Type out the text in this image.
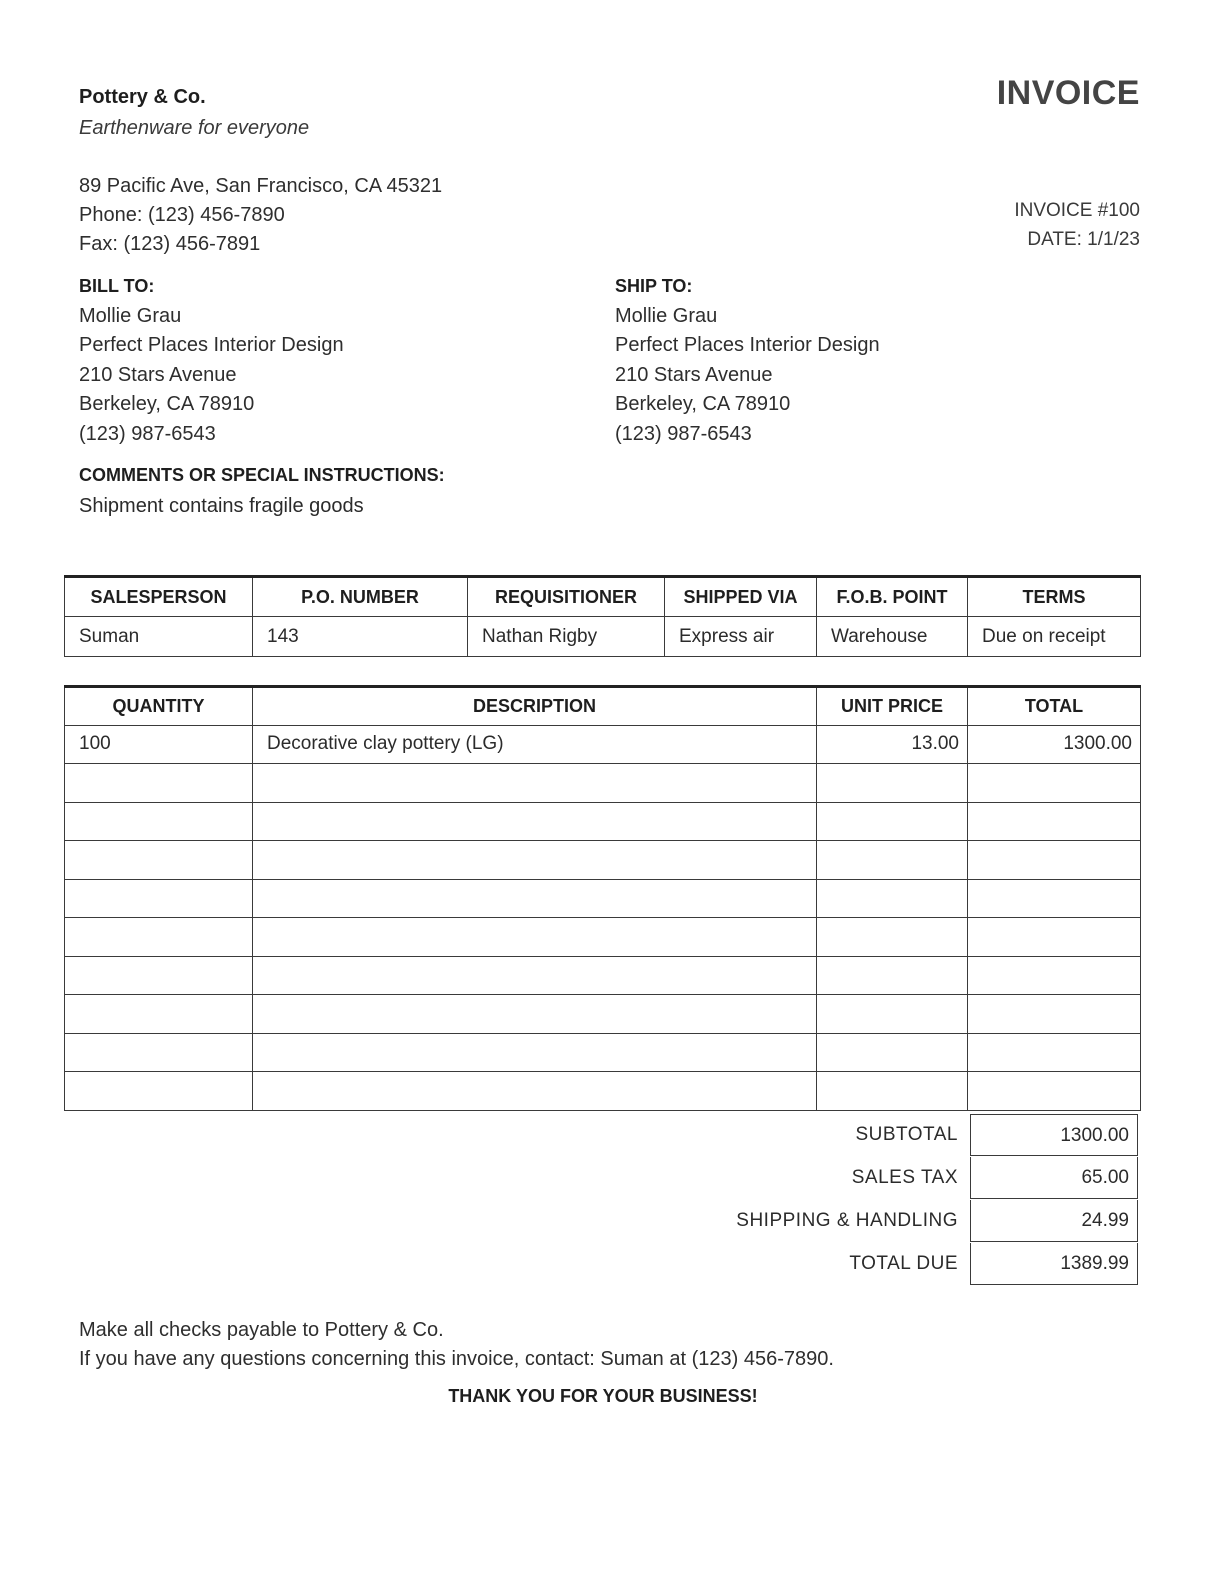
Pottery & Co.
Earthenware for everyone
89 Pacific Ave, San Francisco, CA 45321
Phone: (123) 456-7890
Fax: (123) 456-7891
INVOICE
INVOICE #100
DATE: 1/1/23
BILL TO:
Mollie Grau
Perfect Places Interior Design
210 Stars Avenue
Berkeley, CA 78910
(123) 987-6543
SHIP TO:
Mollie Grau
Perfect Places Interior Design
210 Stars Avenue
Berkeley, CA 78910
(123) 987-6543
COMMENTS OR SPECIAL INSTRUCTIONS:
Shipment contains fragile goods
SALESPERSON	P.O. NUMBER	REQUISITIONER	SHIPPED VIA	F.O.B. POINT	TERMS
Suman	143	Nathan Rigby	Express air	Warehouse	Due on receipt
QUANTITY	DESCRIPTION	UNIT PRICE	TOTAL
100	Decorative clay pottery (LG)	13.00	1300.00

SUBTOTAL	1300.00
SALES TAX	65.00
SHIPPING & HANDLING	24.99
TOTAL DUE	1389.99
Make all checks payable to Pottery & Co.
If you have any questions concerning this invoice, contact: Suman at (123) 456-7890.
THANK YOU FOR YOUR BUSINESS!
